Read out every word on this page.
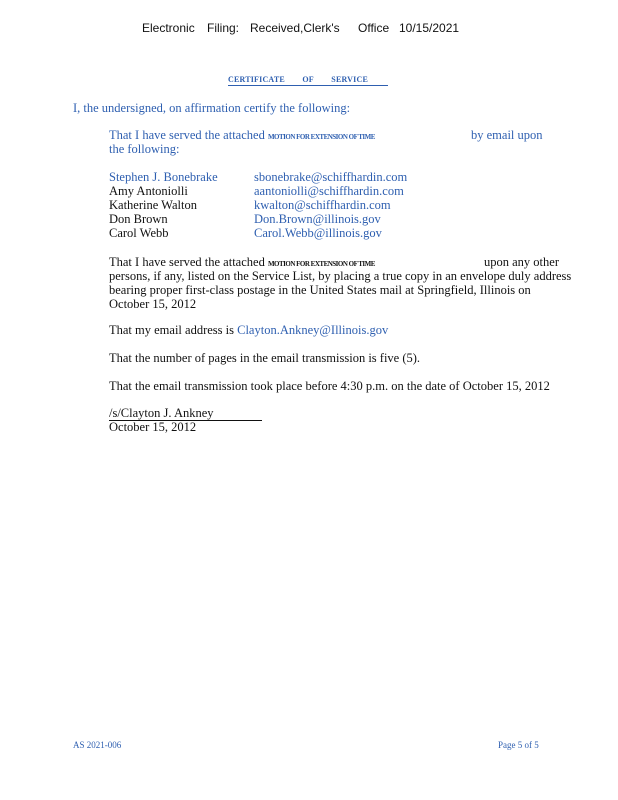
Electronic Filing: Received,Clerk's Office 10/15/2021
CERTIFICATE OF SERVICE
I, the undersigned, on affirmation certify the following:
That I have served the attached MOTION FOR EXTENSION OF TIME	by email upon
the following:
Stephen J. Bonebrake	sbonebrake@schiffhardin.com
Amy Antoniolli	aantoniolli@schiffhardin.com
Katherine Walton	kwalton@schiffhardin.com
Don Brown	Don.Brown@illinois.gov
Carol Webb	Carol.Webb@illinois.gov
That I have served the attached MOTION FOR EXTENSION OF TIME	upon any other
persons, if any, listed on the Service List, by placing a true copy in an envelope duly address
bearing proper first-class postage in the United States mail at Springfield, Illinois on
October 15, 2012
That my email address is Clayton.Ankney@Illinois.gov
That the number of pages in the email transmission is five (5).
That the email transmission took place before 4:30 p.m. on the date of October 15, 2012
/s/Clayton J. Ankney
October 15, 2012
AS 2021-006	Page 5 of 5
